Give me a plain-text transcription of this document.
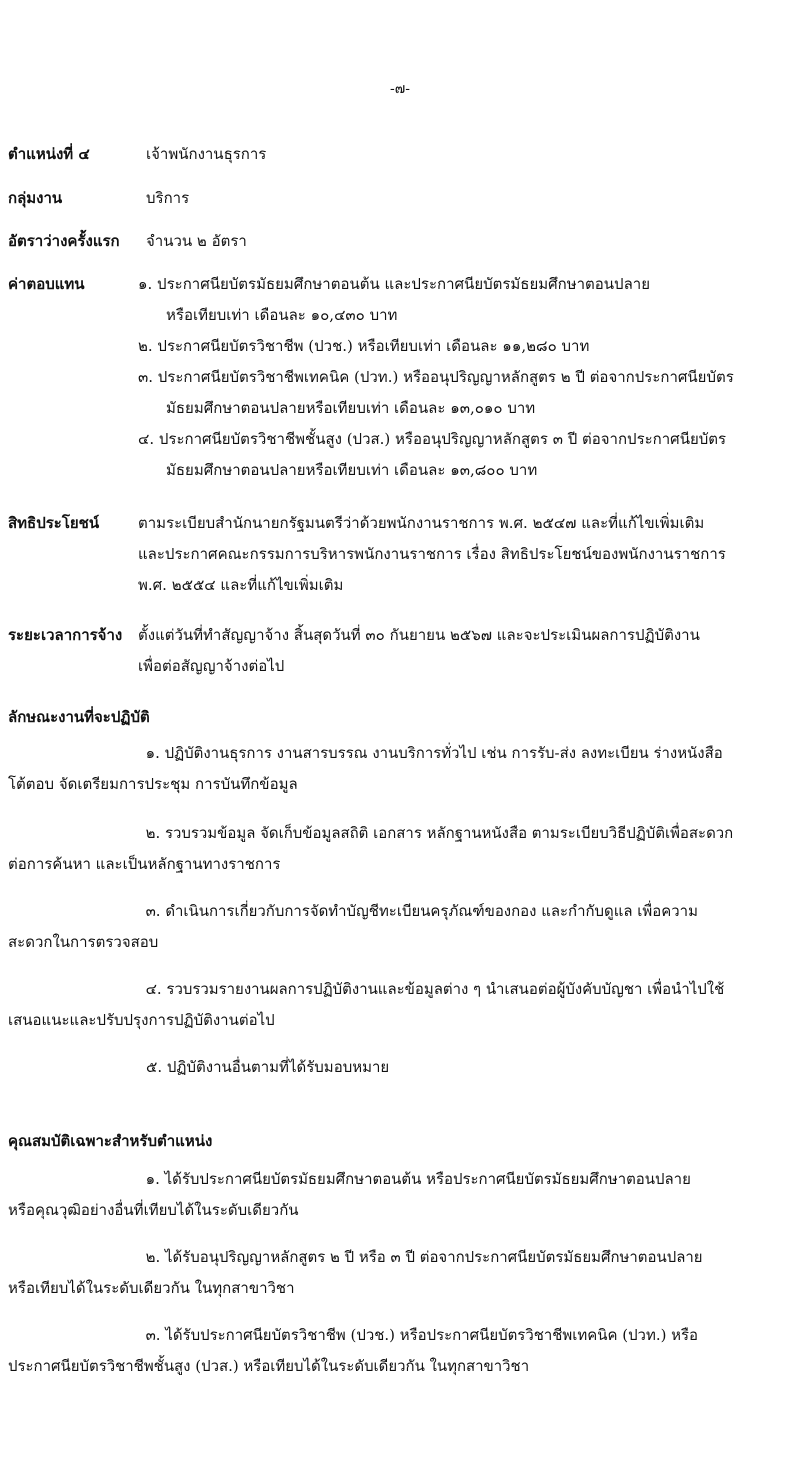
-๗-
ตำแหน่งที่ ๔	เจ้าพนักงานธุรการ
กลุ่มงาน	บริการ
อัตราว่างครั้งแรก จำนวน ๒ อัตรา
ค่าตอบแทน	๑. ประกาศนียบัตรมัธยมศึกษาตอนต้น และประกาศนียบัตรมัธยมศึกษาตอนปลาย
หรือเทียบเท่า เดือนละ ๑๐,๔๓๐ บาท
๒. ประกาศนียบัตรวิชาชีพ (ปวช.) หรือเทียบเท่า เดือนละ ๑๑,๒๘๐ บาท
๓. ประกาศนียบัตรวิชาชีพเทคนิค (ปวท.) หรืออนุปริญญาหลักสูตร ๒ ปี ต่อจากประกาศนียบัตร
มัธยมศึกษาตอนปลายหรือเทียบเท่า เดือนละ ๑๓,๐๑๐ บาท
๔. ประกาศนียบัตรวิชาชีพชั้นสูง (ปวส.) หรืออนุปริญญาหลักสูตร ๓ ปี ต่อจากประกาศนียบัตร
มัธยมศึกษาตอนปลายหรือเทียบเท่า เดือนละ ๑๓,๘๐๐ บาท
สิทธิประโยชน์	ตามระเบียบสำนักนายกรัฐมนตรีว่าด้วยพนักงานราชการ พ.ศ. ๒๕๔๗ และที่แก้ไขเพิ่มเติม
และประกาศคณะกรรมการบริหารพนักงานราชการ เรื่อง สิทธิประโยชน์ของพนักงานราชการ
พ.ศ. ๒๕๕๔ และที่แก้ไขเพิ่มเติม
ระยะเวลาการจ้าง ตั้งแต่วันที่ทำสัญญาจ้าง สิ้นสุดวันที่ ๓๐ กันยายน ๒๕๖๗ และจะประเมินผลการปฏิบัติงาน
เพื่อต่อสัญญาจ้างต่อไป
ลักษณะงานที่จะปฏิบัติ
๑. ปฏิบัติงานธุรการ งานสารบรรณ งานบริการทั่วไป เช่น การรับ-ส่ง ลงทะเบียน ร่างหนังสือ
โต้ตอบ จัดเตรียมการประชุม การบันทึกข้อมูล
๒. รวบรวมข้อมูล จัดเก็บข้อมูลสถิติ เอกสาร หลักฐานหนังสือ ตามระเบียบวิธีปฏิบัติเพื่อสะดวก
ต่อการค้นหา และเป็นหลักฐานทางราชการ
๓. ดำเนินการเกี่ยวกับการจัดทำบัญชีทะเบียนครุภัณฑ์ของกอง และกำกับดูแล เพื่อความ
สะดวกในการตรวจสอบ
๔. รวบรวมรายงานผลการปฏิบัติงานและข้อมูลต่าง ๆ นำเสนอต่อผู้บังคับบัญชา เพื่อนำไปใช้
เสนอแนะและปรับปรุงการปฏิบัติงานต่อไป
๕. ปฏิบัติงานอื่นตามที่ได้รับมอบหมาย
คุณสมบัติเฉพาะสำหรับตำแหน่ง
๑. ได้รับประกาศนียบัตรมัธยมศึกษาตอนต้น หรือประกาศนียบัตรมัธยมศึกษาตอนปลาย
หรือคุณวุฒิอย่างอื่นที่เทียบได้ในระดับเดียวกัน
๒. ได้รับอนุปริญญาหลักสูตร ๒ ปี หรือ ๓ ปี ต่อจากประกาศนียบัตรมัธยมศึกษาตอนปลาย
หรือเทียบได้ในระดับเดียวกัน ในทุกสาขาวิชา
๓. ได้รับประกาศนียบัตรวิชาชีพ (ปวช.) หรือประกาศนียบัตรวิชาชีพเทคนิค (ปวท.) หรือ ประกาศนียบัตรวิชาชีพชั้นสูง (ปวส.) หรือเทียบได้ในระดับเดียวกัน ในทุกสาขาวิชา
